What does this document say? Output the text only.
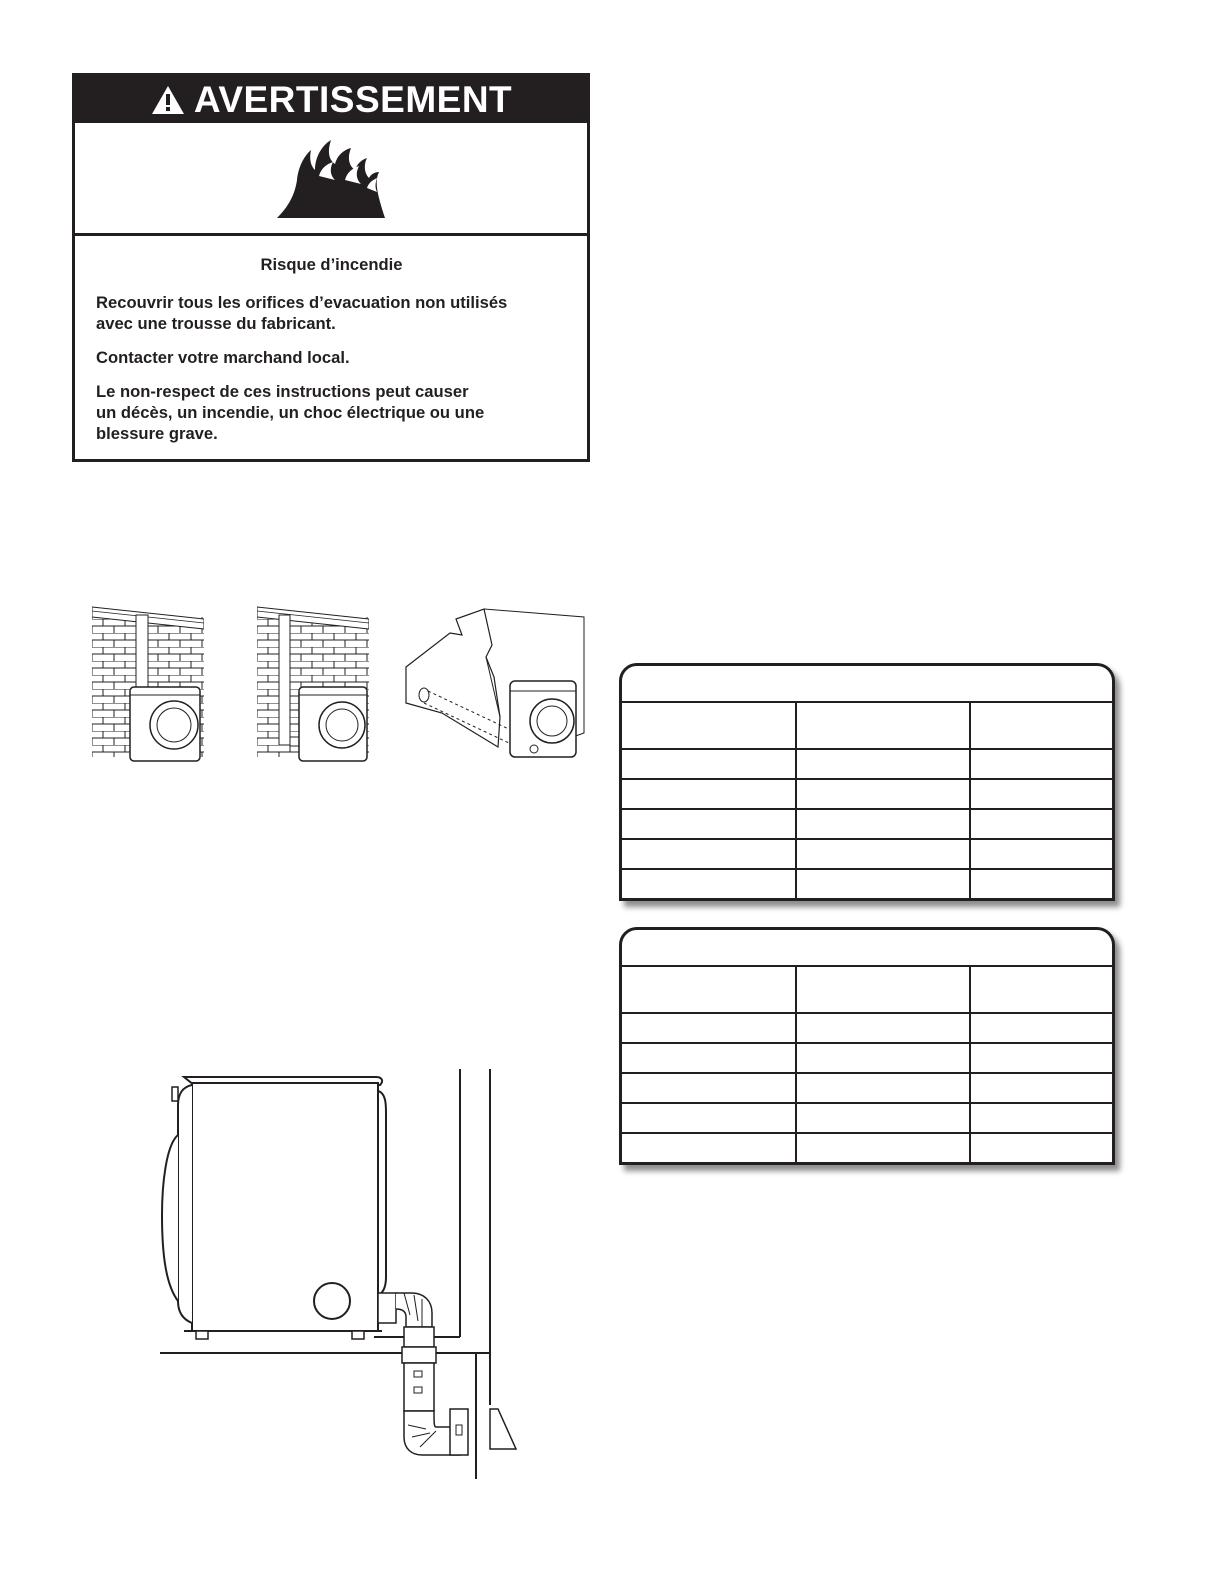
AVERTISSEMENT
Risque d’incendie

Recouvrir tous les orifices d’evacuation non utilisés
avec une trousse du fabricant.

Contacter votre marchand local.

Le non-respect de ces instructions peut causer
un décès, un incendie, un choc électrique ou une
blessure grave.
